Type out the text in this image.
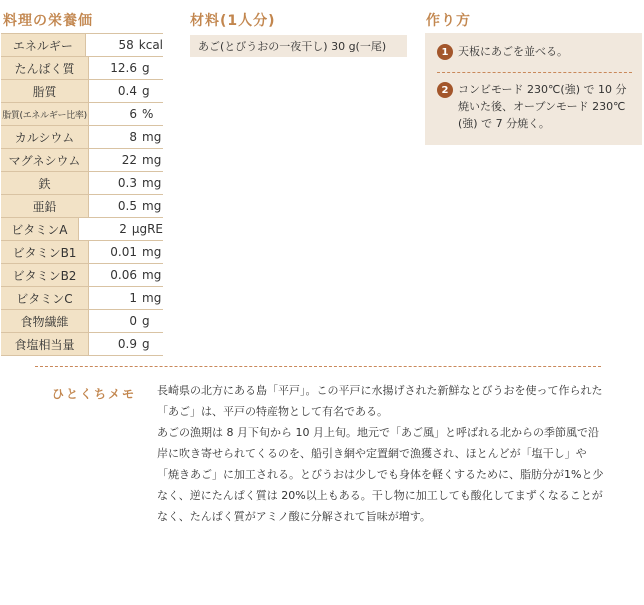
料理の栄養価	材料(1人分)	作り方
エネルギー	58 kcal
たんぱく質	12.6 g
脂質	0.4 g
脂質(エネルギー比率)	6 %
カルシウム	8 mg
マグネシウム	22 mg
鉄	0.3 mg
亜鉛	0.5 mg
ビタミンA	2 μgRE
ビタミンB1	0.01 mg
ビタミンB2	0.06 mg
ビタミンC	1 mg
食物繊維	0 g
食塩相当量	0.9 g
あご(とびうおの一夜干し) 30 g(一尾)	1 天板にあごを並べる。
2 コンビモード 230℃(強) で 10 分焼いた後、オーブンモード 230℃(強) で 7 分焼く。
ひとくちメモ 長崎県の北方にある島「平戸」。この平戸に水揚げされた新鮮なとびうおを使って作られた「あご」は、平戸の特産物として有名である。

あごの漁期は 8 月下旬から 10 月上旬。地元で「あご風」と呼ばれる北からの季節風で沿岸に吹き寄せられてくるのを、船引き網や定置網で漁獲され、ほとんどが「塩干し」や「焼きあご」に加工される。とびうおは少しでも身体を軽くするために、脂肪分が1%と少なく、逆にたんぱく質は 20%以上もある。干し物に加工しても酸化してまずくなることがなく、たんぱく質がアミノ酸に分解されて旨味が増す。
